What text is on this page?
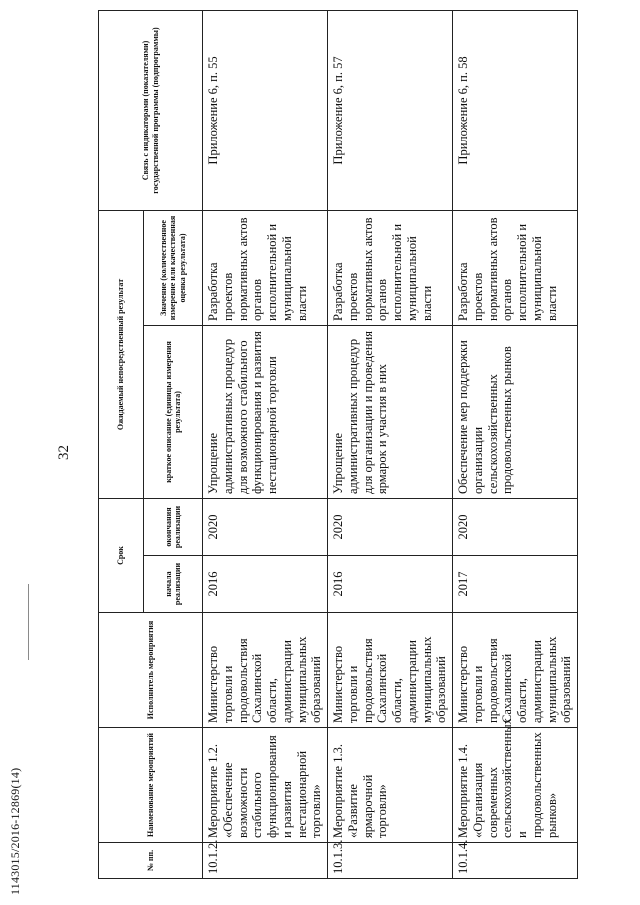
1143015/2016-12869(14)
32
№ пп.	Наименование мероприятий	Исполнитель мероприятия	Срок		Ожидаемый непосредственный результат		Связь с индикаторами (показателями) государственной программы (подпрограммы)
			начала реализации	окончания реализации	краткое описание (единицы измерения результата)	Значение (количественное измерение или качественная оценка результата)	
10.1.2.	Мероприятие 1.2. «Обеспечение возможности стабильного функционирования и развития нестационарной торговли»	Министерство торговли и продовольствия Сахалинской области, администрации муниципальных образований	2016	2020	Упрощение административных процедур для возможного стабильного функционирования и развития нестационарной торговли	Разработка проектов нормативных актов органов исполнительной и муниципальной власти	Приложение 6, п. 55
10.1.3.	Мероприятие 1.3. «Развитие ярмарочной торговли»	Министерство торговли и продовольствия Сахалинской области, администрации муниципальных образований	2016	2020	Упрощение административных процедур для организации и проведения ярмарок и участия в них	Разработка проектов нормативных актов органов исполнительной и муниципальной власти	Приложение 6, п. 57
10.1.4.	Мероприятие 1.4. «Организация современных сельскохозяйственных и продовольственных рынков»	Министерство торговли и продовольствия Сахалинской области, администрации муниципальных образований	2017	2020	Обеспечение мер поддержки организации сельскохозяйственных продовольственных рынков	Разработка проектов нормативных актов органов исполнительной и муниципальной власти	Приложение 6, п. 58
